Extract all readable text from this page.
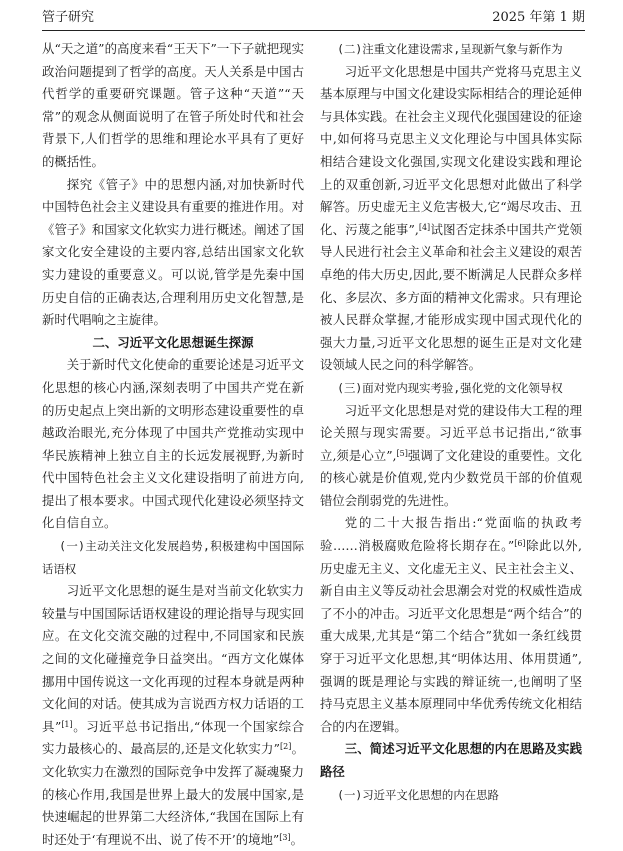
管子研究	2025 年第 1 期

从“天之道”的高度来看“王天下”一下子就把现实政治问题提到了哲学的高度。天人关系是中国古代哲学的重要研究课题。管子这种“天道”“天常”的观念从侧面说明了在管子所处时代和社会背景下,人们哲学的思维和理论水平具有了更好的概括性。

探究《管子》中的思想内涵,对加快新时代中国特色社会主义建设具有重要的推进作用。对《管子》和国家文化软实力进行概述。阐述了国家文化安全建设的主要内容,总结出国家文化软实力建设的重要意义。可以说,管学是先秦中国历史自信的正确表达,合理利用历史文化智慧,是新时代唱响之主旋律。

二、习近平文化思想诞生探源

关于新时代文化使命的重要论述是习近平文化思想的核心内涵,深刻表明了中国共产党在新的历史起点上突出新的文明形态建设重要性的卓越政治眼光,充分体现了中国共产党推动实现中华民族精神上独立自主的长远发展视野,为新时代中国特色社会主义文化建设指明了前进方向,提出了根本要求。中国式现代化建设必须坚持文化自信自立。

(一)主动关注文化发展趋势,积极建构中国国际话语权

习近平文化思想的诞生是对当前文化软实力较量与中国国际话语权建设的理论指导与现实回应。在文化交流交融的过程中,不同国家和民族之间的文化碰撞竞争日益突出。“西方文化媒体挪用中国传说这一文化再现的过程本身就是两种文化间的对话。使其成为言说西方权力话语的工具”[1]。习近平总书记指出,“体现一个国家综合实力最核心的、最高层的,还是文化软实力”[2]。文化软实力在激烈的国际竞争中发挥了凝魂聚力的核心作用,我国是世界上最大的发展中国家,是快速崛起的世界第二大经济体,“我国在国际上有时还处于‘有理说不出、说了传不开’的境地”[3]。

(二)注重文化建设需求,呈现新气象与新作为

习近平文化思想是中国共产党将马克思主义基本原理与中国文化建设实际相结合的理论延伸与具体实践。在社会主义现代化强国建设的征途中,如何将马克思主义文化理论与中国具体实际相结合建设文化强国,实现文化建设实践和理论上的双重创新,习近平文化思想对此做出了科学解答。历史虚无主义危害极大,它“竭尽攻击、丑化、污蔑之能事”,[4]试图否定抹杀中国共产党领导人民进行社会主义革命和社会主义建设的艰苦卓绝的伟大历史,因此,要不断满足人民群众多样化、多层次、多方面的精神文化需求。只有理论被人民群众掌握,才能形成实现中国式现代化的强大力量,习近平文化思想的诞生正是对文化建设领域人民之问的科学解答。

(三)面对党内现实考验,强化党的文化领导权

习近平文化思想是对党的建设伟大工程的理论关照与现实需要。习近平总书记指出,“欲事立,须是心立”,[5]强调了文化建设的重要性。文化的核心就是价值观,党内少数党员干部的价值观错位会削弱党的先进性。

党的二十大报告指出:“党面临的执政考验……消极腐败危险将长期存在。”[6]除此以外,历史虚无主义、文化虚无主义、民主社会主义、新自由主义等反动社会思潮会对党的权威性造成了不小的冲击。习近平文化思想是“两个结合”的重大成果,尤其是“第二个结合”犹如一条红线贯穿于习近平文化思想,其“明体达用、体用贯通”,强调的既是理论与实践的辩证统一,也阐明了坚持马克思主义基本原理同中华优秀传统文化相结合的内在逻辑。

三、简述习近平文化思想的内在思路及实践路径
(一)习近平文化思想的内在思路
